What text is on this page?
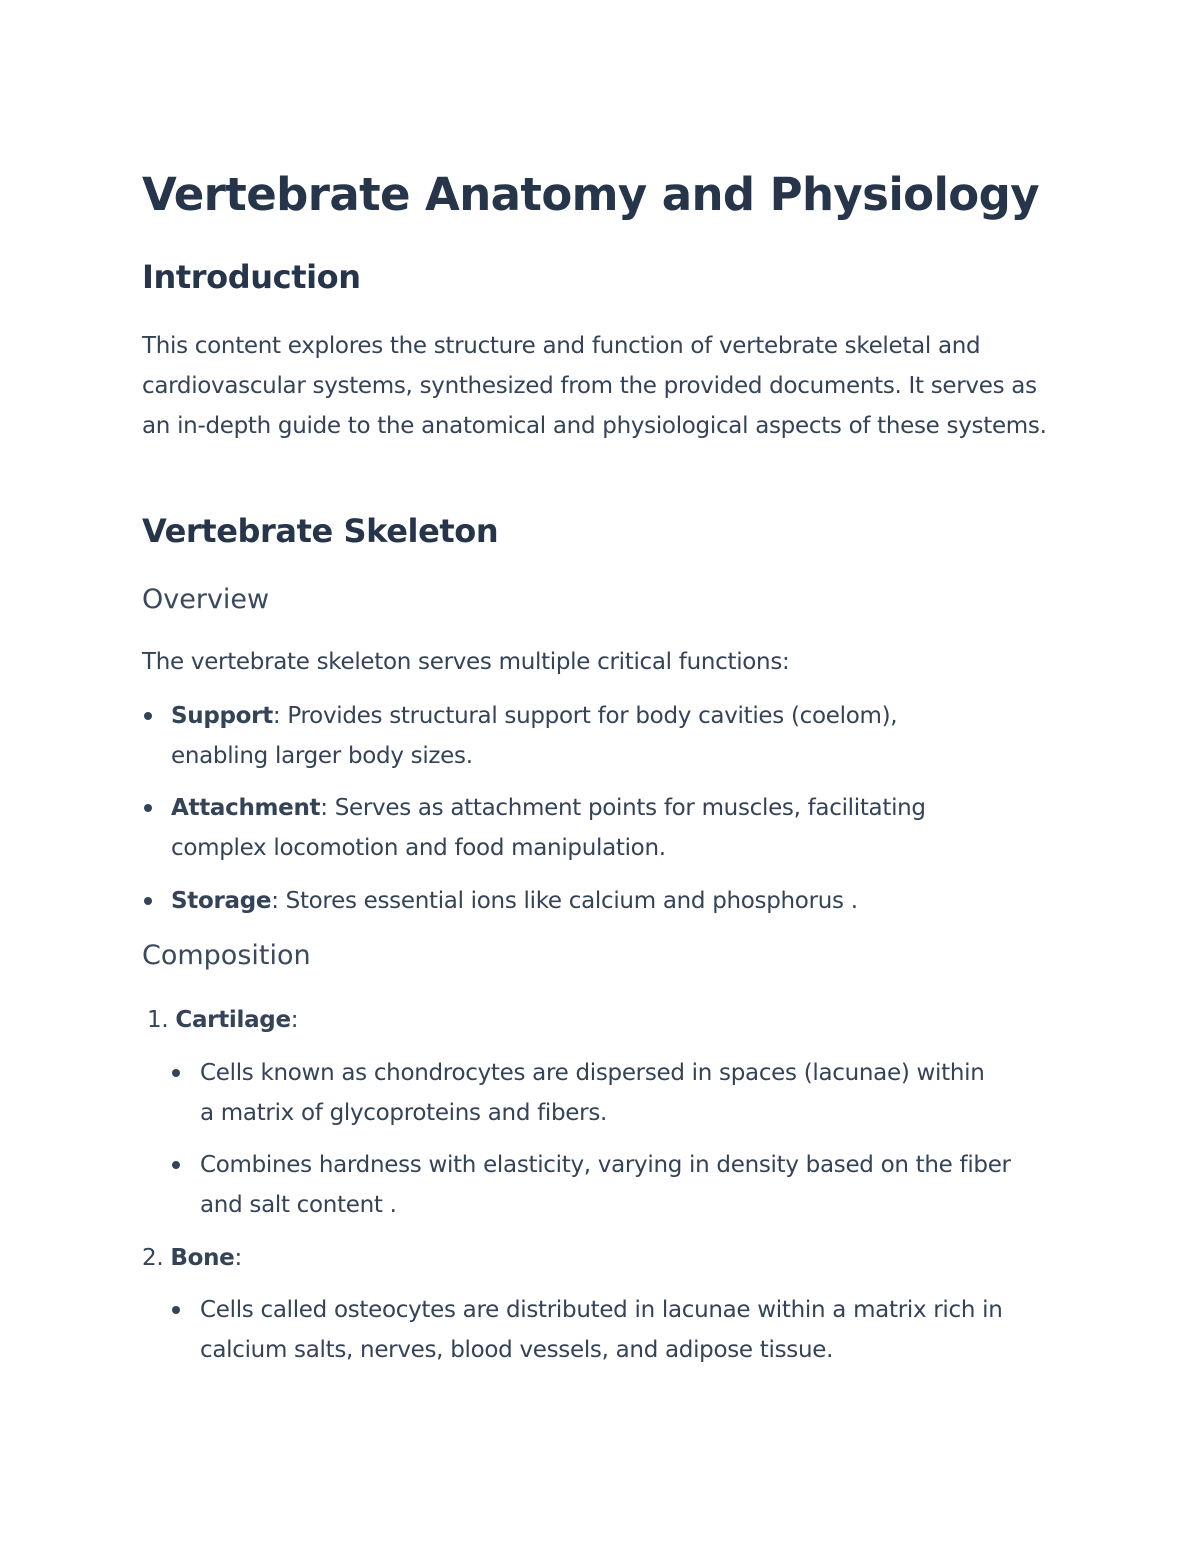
Vertebrate Anatomy and Physiology
Introduction

This content explores the structure and function of vertebrate skeletal and cardiovascular systems, synthesized from the provided documents. It serves as an in-depth guide to the anatomical and physiological aspects of these systems.

Vertebrate Skeleton
Overview

The vertebrate skeleton serves multiple critical functions:

Support: Provides structural support for body cavities (coelom), enabling larger body sizes.
Attachment: Serves as attachment points for muscles, facilitating complex locomotion and food manipulation.
Storage: Stores essential ions like calcium and phosphorus .
Composition
1. Cartilage:
Cells known as chondrocytes are dispersed in spaces (lacunae) within a matrix of glycoproteins and fibers.
Combines hardness with elasticity, varying in density based on the fiber and salt content .
2. Bone:
Cells called osteocytes are distributed in lacunae within a matrix rich in calcium salts, nerves, blood vessels, and adipose tissue.
